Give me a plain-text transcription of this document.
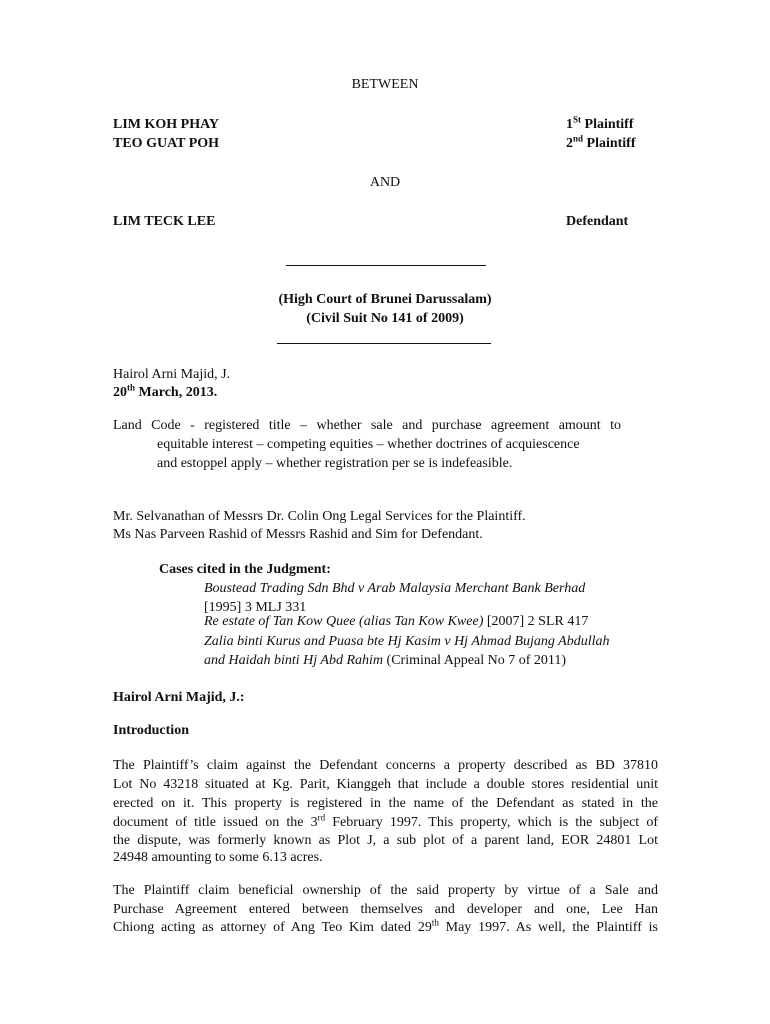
BETWEEN
LIM KOH PHAY	1St Plaintiff
TEO GUAT POH	2nd Plaintiff
AND
LIM TECK LEE	Defendant
(High Court of Brunei Darussalam)
(Civil Suit No 141 of 2009)
Hairol Arni Majid, J.
20th March, 2013.
Land Code - registered title – whether sale and purchase agreement amount to
equitable interest – competing equities – whether doctrines of acquiescence
and estoppel apply – whether registration per se is indefeasible.
Mr. Selvanathan of Messrs Dr. Colin Ong Legal Services for the Plaintiff.
Ms Nas Parveen Rashid of Messrs Rashid and Sim for Defendant.
Cases cited in the Judgment:
Boustead Trading Sdn Bhd v Arab Malaysia Merchant Bank Berhad
[1995] 3 MLJ 331
Re estate of Tan Kow Quee (alias Tan Kow Kwee) [2007] 2 SLR 417
Zalia binti Kurus and Puasa bte Hj Kasim v Hj Ahmad Bujang Abdullah
and Haidah binti Hj Abd Rahim (Criminal Appeal No 7 of 2011)
Hairol Arni Majid, J.:
Introduction
The Plaintiff’s claim against the Defendant concerns a property described as BD 37810
Lot No 43218 situated at Kg. Parit, Kianggeh that include a double stores residential unit
erected on it. This property is registered in the name of the Defendant as stated in the
document of title issued on the 3rd February 1997. This property, which is the subject of
the dispute, was formerly known as Plot J, a sub plot of a parent land, EOR 24801 Lot
24948 amounting to some 6.13 acres.
The Plaintiff claim beneficial ownership of the said property by virtue of a Sale and
Purchase Agreement entered between themselves and developer and one, Lee Han
Chiong acting as attorney of Ang Teo Kim dated 29th May 1997. As well, the Plaintiff is
